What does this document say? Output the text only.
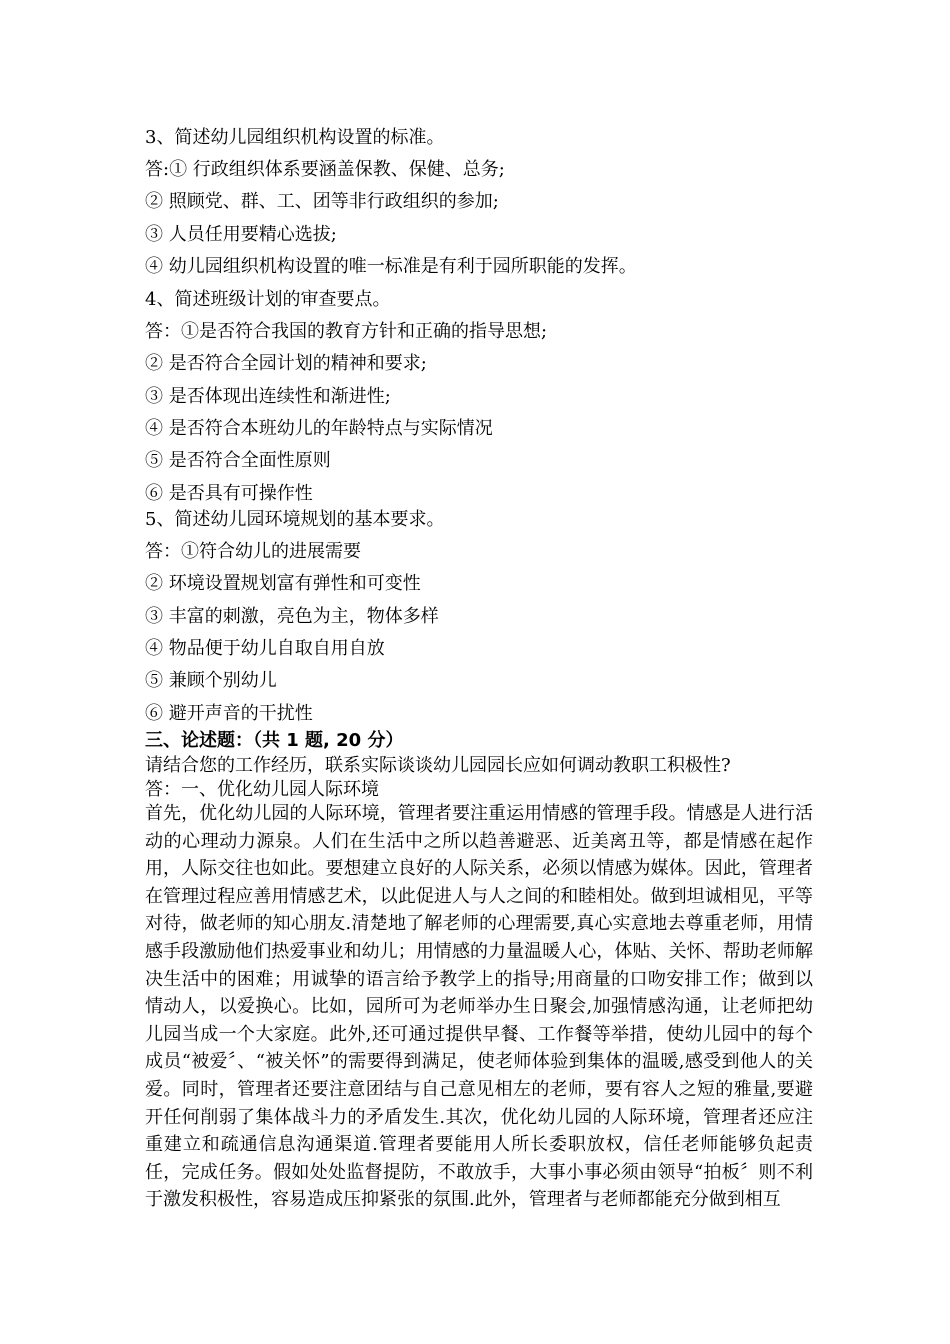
3、简述幼儿园组织机构设置的标准。
答:① 行政组织体系要涵盖保教、保健、总务;
② 照顾党、群、工、团等非行政组织的参加;
③ 人员任用要精心选拔;
④ 幼儿园组织机构设置的唯一标准是有利于园所职能的发挥。
4、简述班级计划的审查要点。
答：①是否符合我国的教育方针和正确的指导思想;
② 是否符合全园计划的精神和要求;
③ 是否体现出连续性和渐进性;
④ 是否符合本班幼儿的年龄特点与实际情况
⑤ 是否符合全面性原则
⑥ 是否具有可操作性
5、简述幼儿园环境规划的基本要求。
答：①符合幼儿的进展需要
② 环境设置规划富有弹性和可变性
③ 丰富的刺激，亮色为主，物体多样
④ 物品便于幼儿自取自用自放
⑤ 兼顾个别幼儿
⑥ 避开声音的干扰性
三、论述题：（共 1 题, 20 分）
请结合您的工作经历，联系实际谈谈幼儿园园长应如何调动教职工积极性?
答：一、优化幼儿园人际环境

首先，优化幼儿园的人际环境，管理者要注重运用情感的管理手段。情感是人进行活动的心理动力源泉。人们在生活中之所以趋善避恶、近美离丑等，都是情感在起作用，人际交往也如此。要想建立良好的人际关系，必须以情感为媒体。因此，管理者在管理过程应善用情感艺术，以此促进人与人之间的和睦相处。做到坦诚相见，平等对待，做老师的知心朋友.清楚地了解老师的心理需要,真心实意地去尊重老师，用情感手段激励他们热爱事业和幼儿；用情感的力量温暖人心，体贴、关怀、帮助老师解决生活中的困难；用诚挚的语言给予教学上的指导;用商量的口吻安排工作；做到以情动人，以爱换心。比如，园所可为老师举办生日聚会,加强情感沟通，让老师把幼儿园当成一个大家庭。此外,还可通过提供早餐、工作餐等举措，使幼儿园中的每个成员“被爱〞、“被关怀”的需要得到满足，使老师体验到集体的温暖,感受到他人的关爱。同时，管理者还要注意团结与自己意见相左的老师，要有容人之短的雅量,要避开任何削弱了集体战斗力的矛盾发生.其次，优化幼儿园的人际环境，管理者还应注重建立和疏通信息沟通渠道.管理者要能用人所长委职放权，信任老师能够负起责任，完成任务。假如处处监督提防，不敢放手，大事小事必须由领导“拍板〞则不利于激发积极性，容易造成压抑紧张的氛围.此外，管理者与老师都能充分做到相互
